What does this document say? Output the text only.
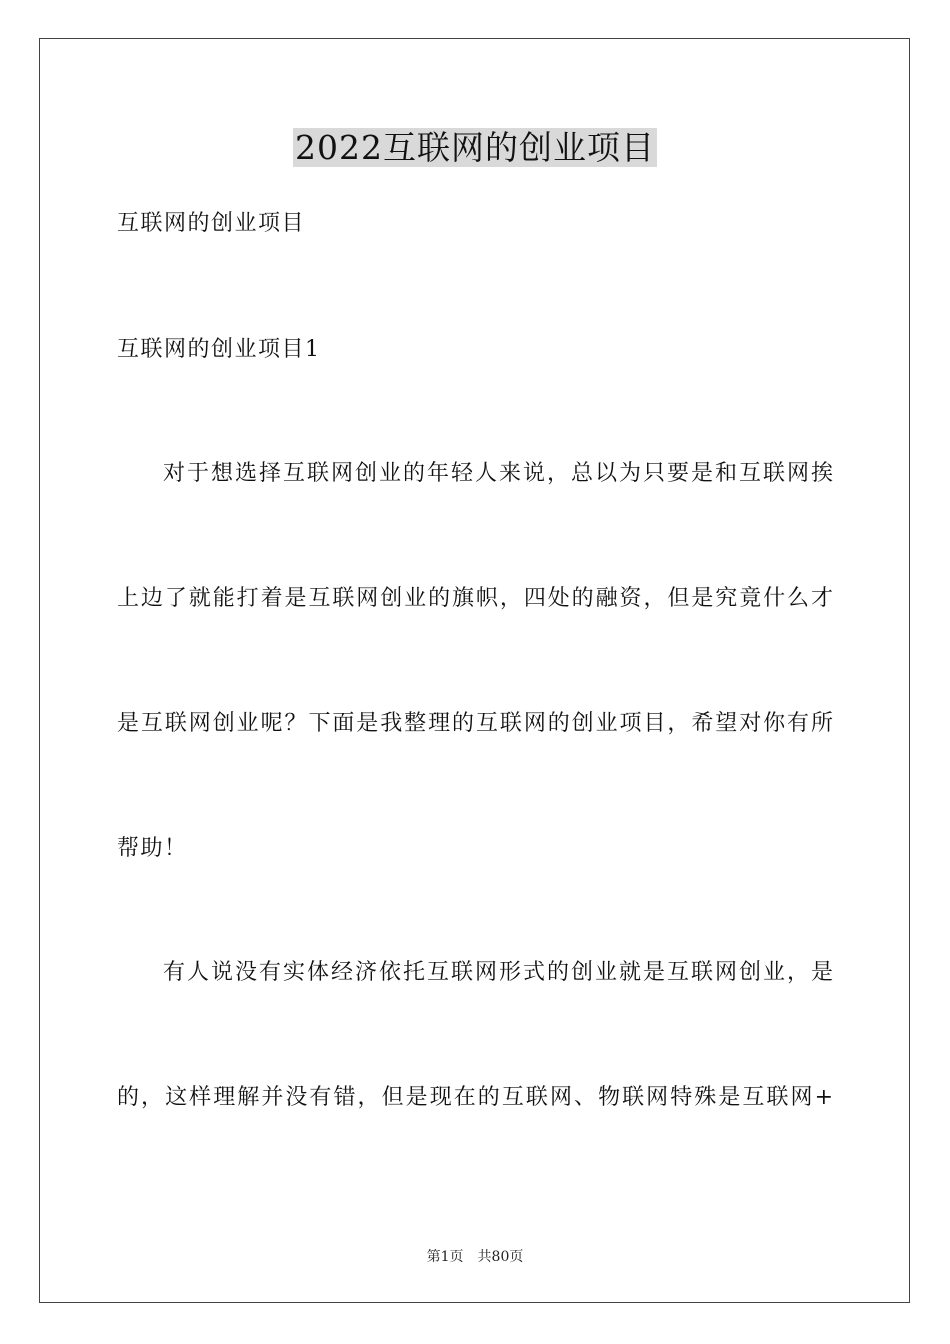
2022互联网的创业项目
互联网的创业项目
互联网的创业项目1
对于想选择互联网创业的年轻人来说，总以为只要是和互联网挨
上边了就能打着是互联网创业的旗帜，四处的融资，但是究竟什么才
是互联网创业呢？下面是我整理的互联网的创业项目，希望对你有所
帮助！
有人说没有实体经济依托互联网形式的创业就是互联网创业，是
的，这样理解并没有错，但是现在的互联网、物联网特殊是互联网+
第1页 共80页
